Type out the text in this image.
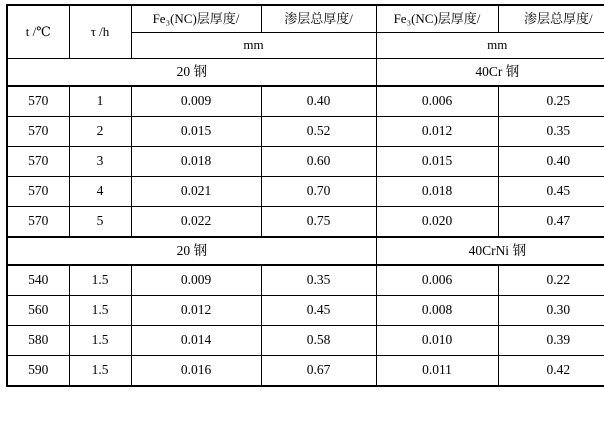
t /℃	τ /h	Fe₃(NC)层厚度/	渗层总厚度/	Fe₃(NC)层厚度/	渗层总厚度/
		mm		mm	
20 钢				40Cr 钢	
570	1	0.009	0.40	0.006	0.25
570	2	0.015	0.52	0.012	0.35
570	3	0.018	0.60	0.015	0.40
570	4	0.021	0.70	0.018	0.45
570	5	0.022	0.75	0.020	0.47
20 钢				40CrNi 钢	
540	1.5	0.009	0.35	0.006	0.22
560	1.5	0.012	0.45	0.008	0.30
580	1.5	0.014	0.58	0.010	0.39
590	1.5	0.016	0.67	0.011	0.42
